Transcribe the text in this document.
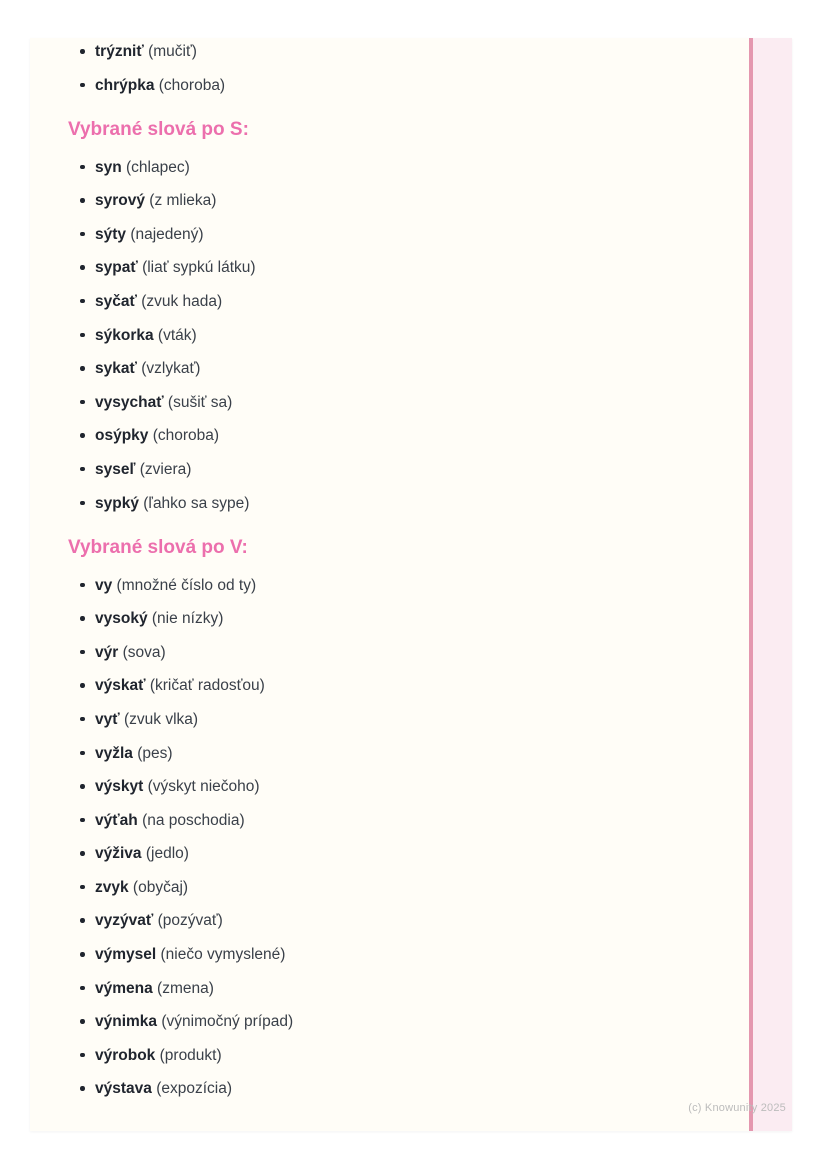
trýzniť (mučiť)
chrýpka (choroba)
Vybrané slová po S:
syn (chlapec)
syrový (z mlieka)
sýty (najedený)
sypať (liať sypkú látku)
syčať (zvuk hada)
sýkorka (vták)
sykať (vzlykať)
vysychať (sušiť sa)
osýpky (choroba)
syseľ (zviera)
sypký (ľahko sa sype)
Vybrané slová po V:
vy (množné číslo od ty)
vysoký (nie nízky)
výr (sova)
výskať (kričať radosťou)
vyť (zvuk vlka)
vyžla (pes)
výskyt (výskyt niečoho)
výťah (na poschodia)
výživa (jedlo)
zvyk (obyčaj)
vyzývať (pozývať)
výmysel (niečo vymyslené)
výmena (zmena)
výnimka (výnimočný prípad)
výrobok (produkt)
výstava (expozícia)
(c) Knowunity 2025
